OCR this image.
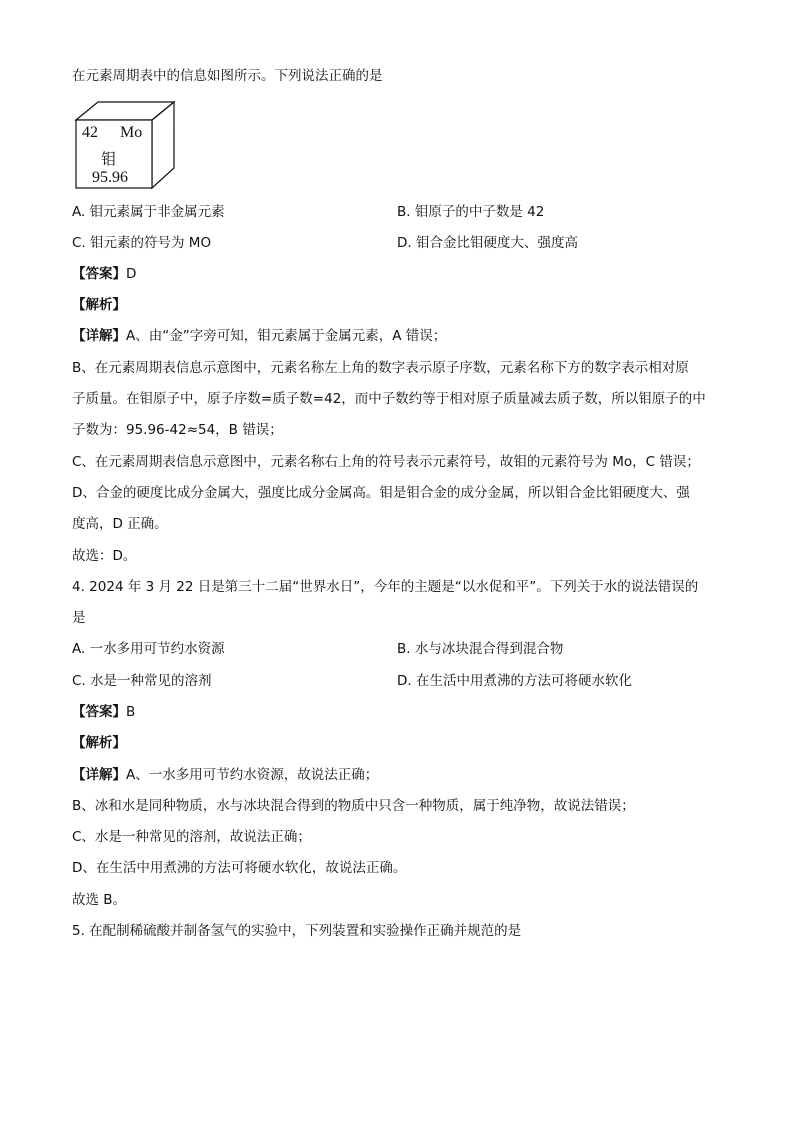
在元素周期表中的信息如图所示。下列说法正确的是
42 Mo
钼
95.96
A. 钼元素属于非金属元素	B. 钼原子的中子数是 42
C. 钼元素的符号为 MO	D. 钼合金比钼硬度大、强度高
【答案】D
【解析】
【详解】A、由“金”字旁可知，钼元素属于金属元素，A 错误；
B、在元素周期表信息示意图中，元素名称左上角的数字表示原子序数，元素名称下方的数字表示相对原
子质量。在钼原子中，原子序数=质子数=42，而中子数约等于相对原子质量减去质子数，所以钼原子的中
子数为：95.96-42≈54，B 错误；
C、在元素周期表信息示意图中，元素名称右上角的符号表示元素符号，故钼的元素符号为 Mo，C 错误；
D、合金的硬度比成分金属大，强度比成分金属高。钼是钼合金的成分金属，所以钼合金比钼硬度大、强
度高，D 正确。
故选：D。
4. 2024 年 3 月 22 日是第三十二届“世界水日”，今年的主题是“以水促和平”。下列关于水的说法错误的
是
A. 一水多用可节约水资源	B. 水与冰块混合得到混合物
C. 水是一种常见的溶剂	D. 在生活中用煮沸的方法可将硬水软化
【答案】B
【解析】
【详解】A、一水多用可节约水资源，故说法正确；
B、冰和水是同种物质，水与冰块混合得到的物质中只含一种物质，属于纯净物，故说法错误；
C、水是一种常见的溶剂，故说法正确；
D、在生活中用煮沸的方法可将硬水软化，故说法正确。
故选 B。
5. 在配制稀硫酸并制备氢气的实验中，下列装置和实验操作正确并规范的是
